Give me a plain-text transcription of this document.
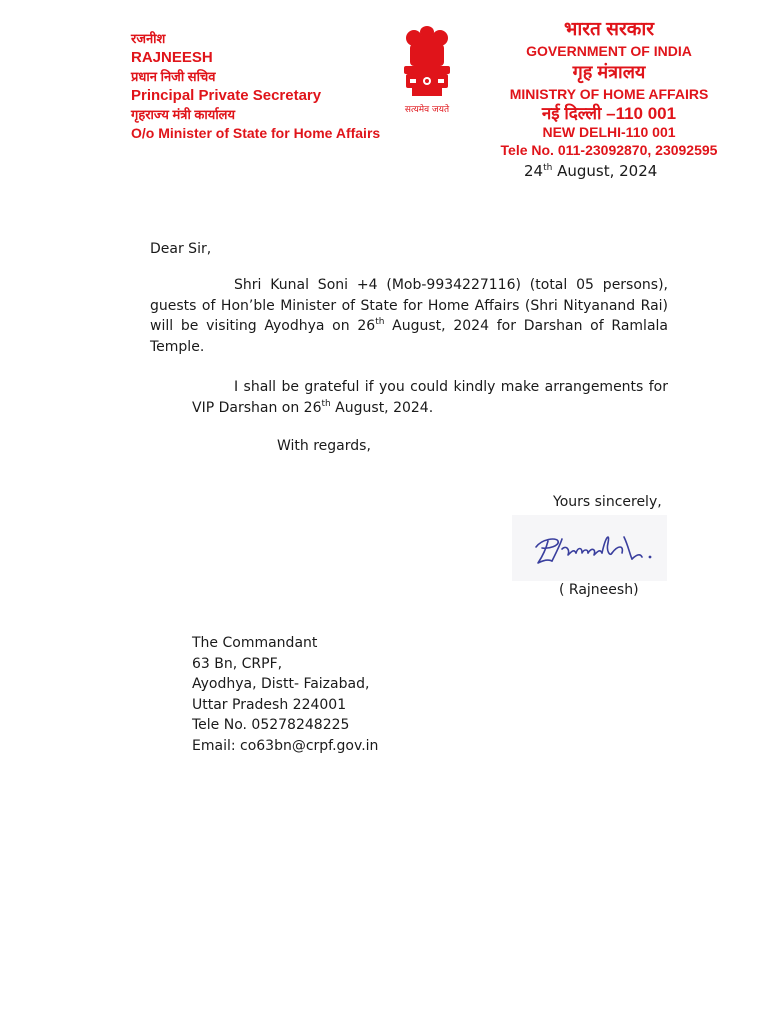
रजनीश
RAJNEESH
प्रधान निजी सचिव
Principal Private Secretary
गृहराज्य मंत्री कार्यालय
O/o Minister of State for Home Affairs
सत्यमेव जयते
भारत सरकार
GOVERNMENT OF INDIA
गृह मंत्रालय
MINISTRY OF HOME AFFAIRS
नई दिल्ली –110 001
NEW DELHI-110 001
Tele No. 011-23092870, 23092595
24th August, 2024
Dear Sir,
Shri Kunal Soni +4 (Mob-9934227116) (total 05 persons), guests of Hon’ble Minister of State for Home Affairs (Shri Nityanand Rai) will be visiting Ayodhya on 26th August, 2024 for Darshan of Ramlala Temple.
I shall be grateful if you could kindly make arrangements for VIP Darshan on 26th August, 2024.
With regards,
Yours sincerely,
( Rajneesh)
The Commandant
63 Bn, CRPF,
Ayodhya, Distt- Faizabad,
Uttar Pradesh 224001
Tele No. 05278248225
Email: co63bn@crpf.gov.in
